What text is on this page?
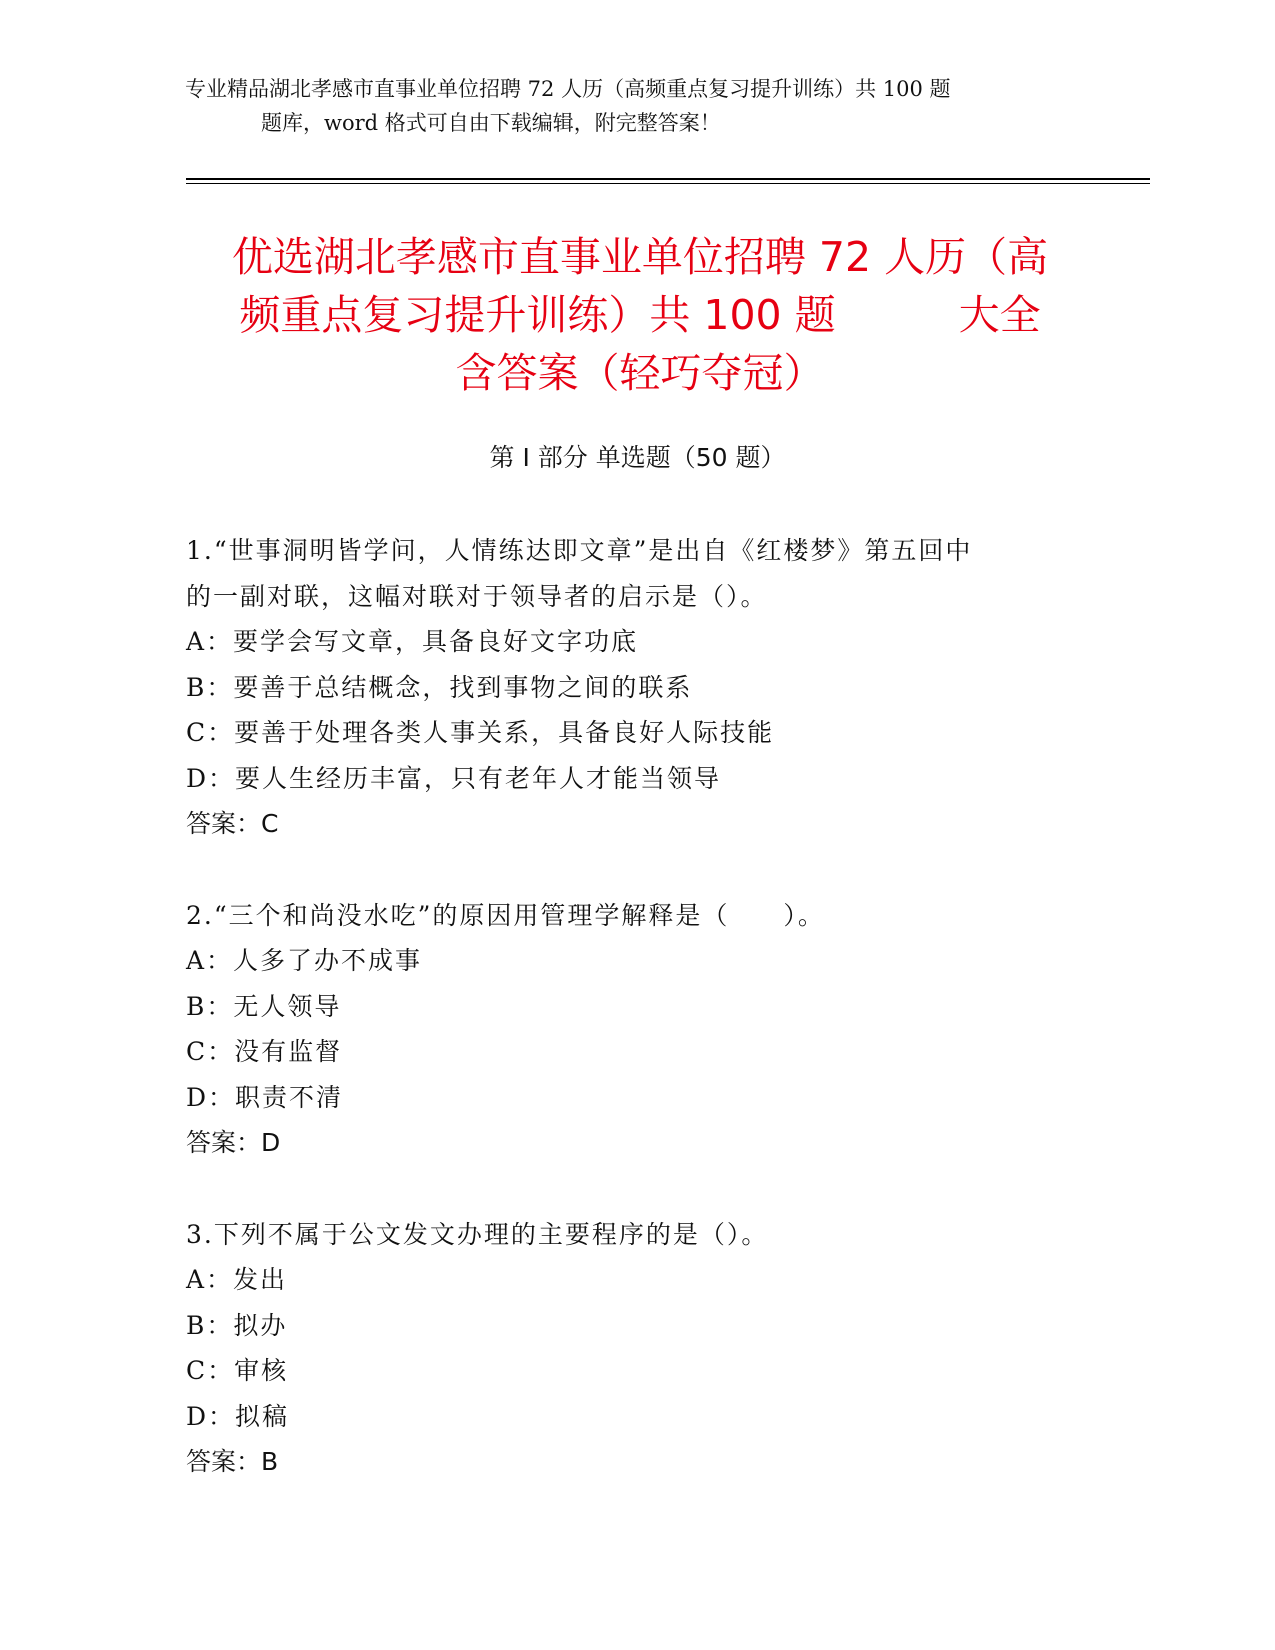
专业精品湖北孝感市直事业单位招聘 72 人历（高频重点复习提升训练）共 100 题
题库，word 格式可自由下载编辑，附完整答案！
优选湖北孝感市直事业单位招聘 72 人历（高
频重点复习提升训练）共 100 题　　　大全
含答案（轻巧夺冠）
第 I 部分 单选题（50 题）
1.“世事洞明皆学问，人情练达即文章”是出自《红楼梦》第五回中
的一副对联，这幅对联对于领导者的启示是（）。
A：要学会写文章，具备良好文字功底
B：要善于总结概念，找到事物之间的联系
C：要善于处理各类人事关系，具备良好人际技能
D：要人生经历丰富，只有老年人才能当领导
答案：C
2.“三个和尚没水吃”的原因用管理学解释是（　　）。
A：人多了办不成事
B：无人领导
C：没有监督
D：职责不清
答案：D
3.下列不属于公文发文办理的主要程序的是（）。
A：发出
B：拟办
C：审核
D：拟稿
答案：B
